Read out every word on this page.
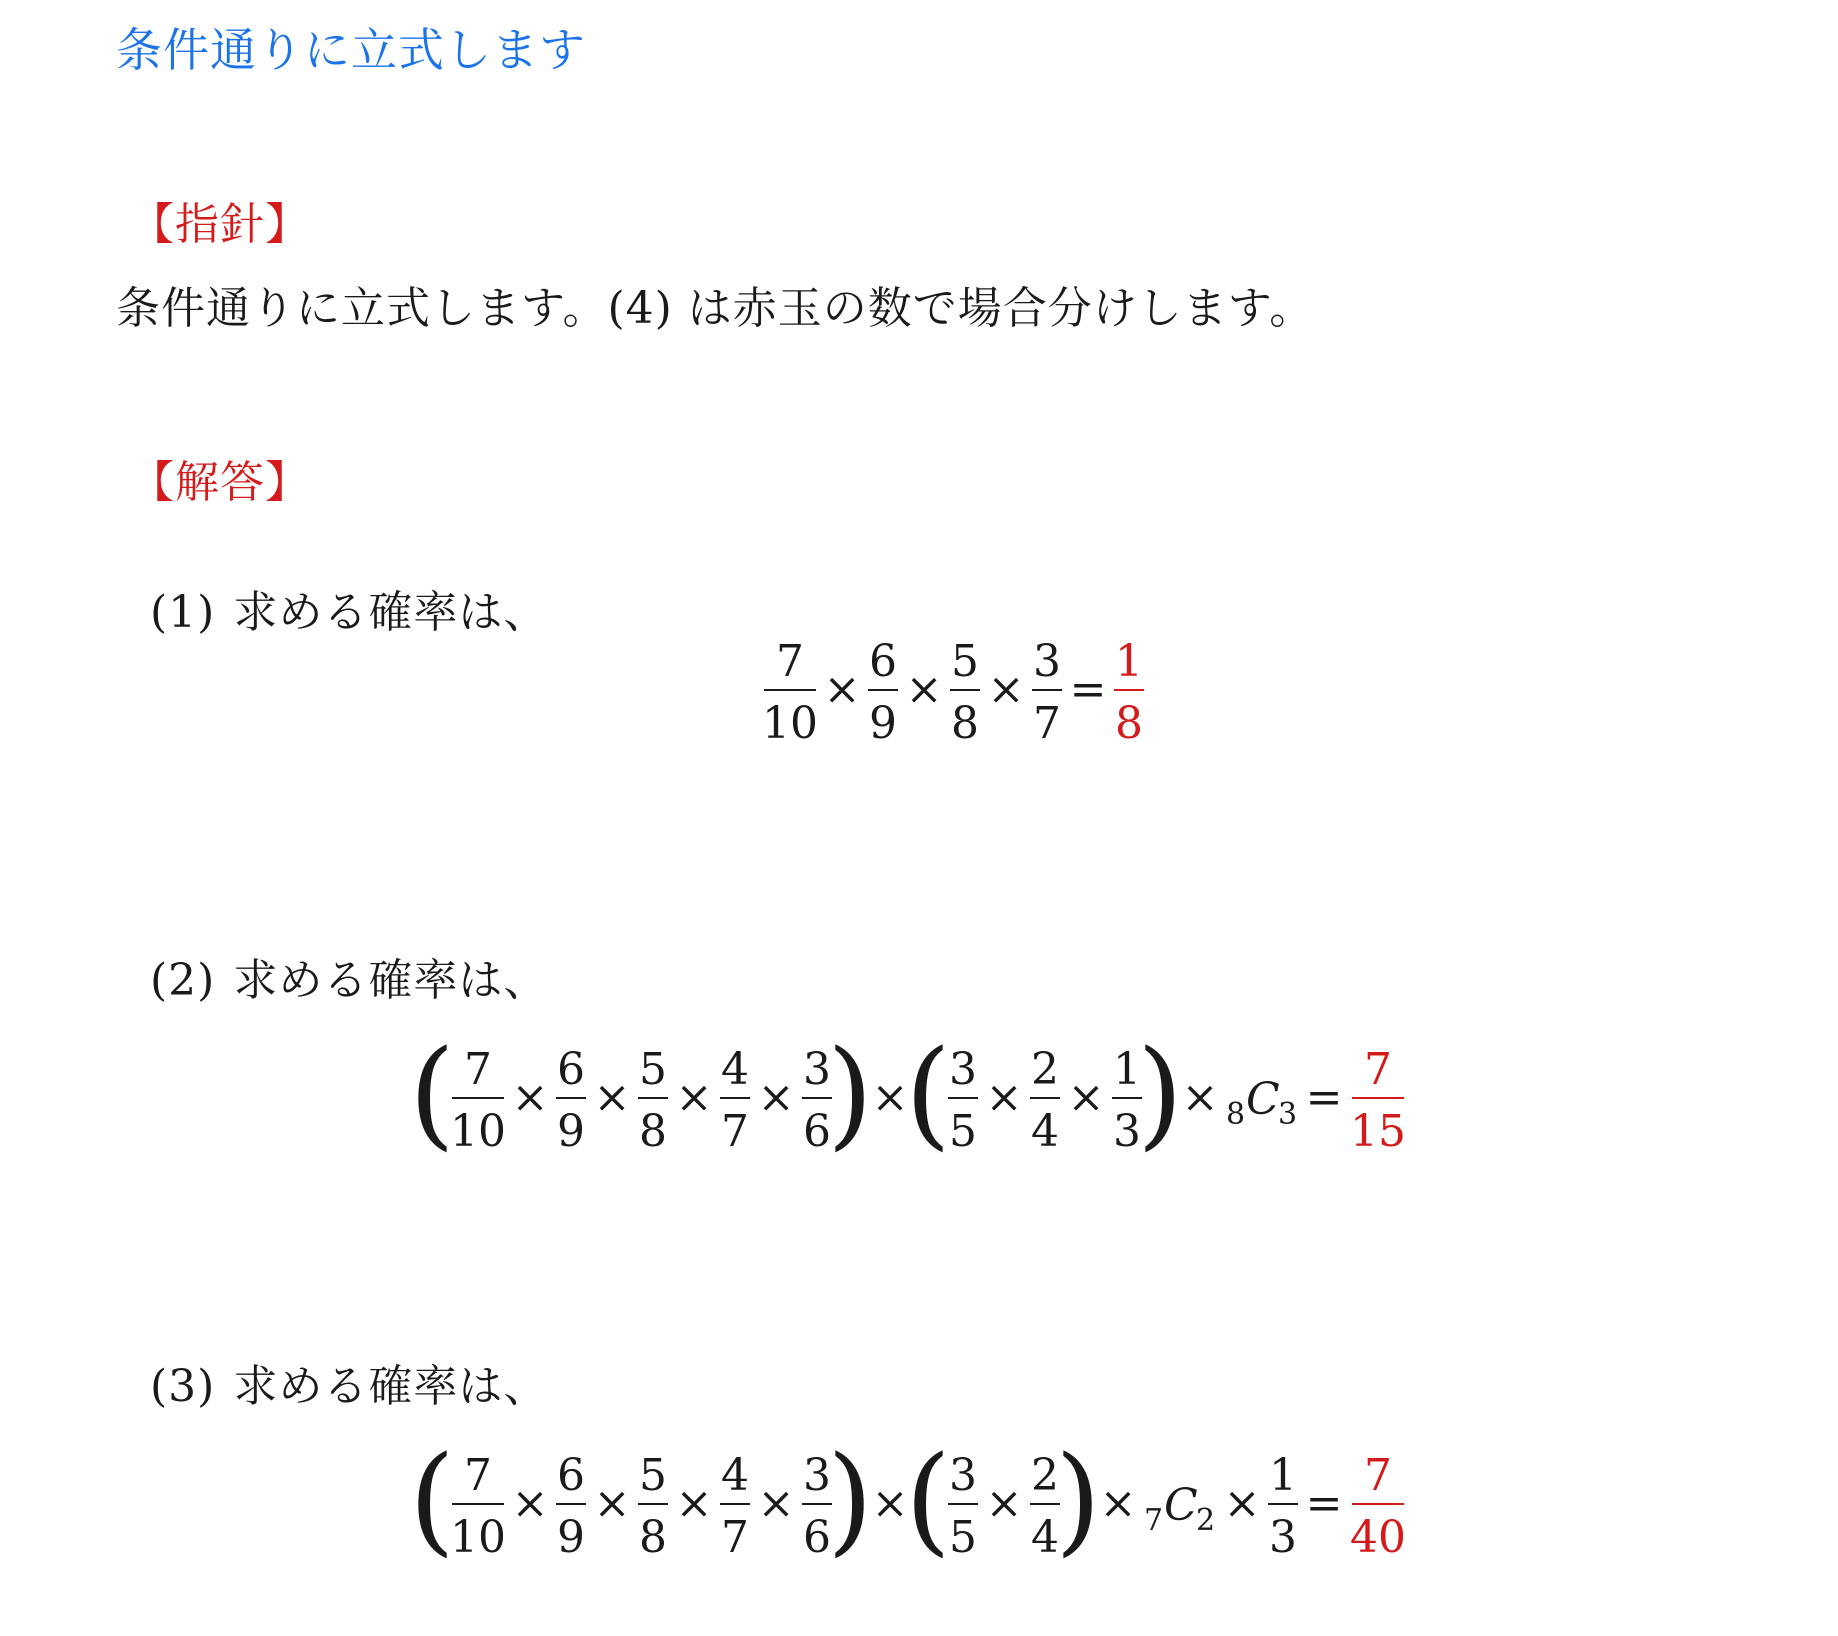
条件通りに立式します
【指針】
条件通りに立式します。(4) は赤玉の数で場合分けします。
【解答】
(1) 求める確率は、
7
10
×
6
9
×
5
8
×
3
7
=
1
8
(2) 求める確率は、
( 7
10
×
6
9
×
5
8
×
4
7
×
3
6
)
×
(
3
5
×
2
4
×
1
3
)
× 8 C
3 =
7
15
(3) 求める確率は、
( 7
10
×
6
9
×
5
8
×
4
7
×
3
6
)
×
(
3
5
×
2
4
)
× 7 C
2 ×
1
3
=
7
40
